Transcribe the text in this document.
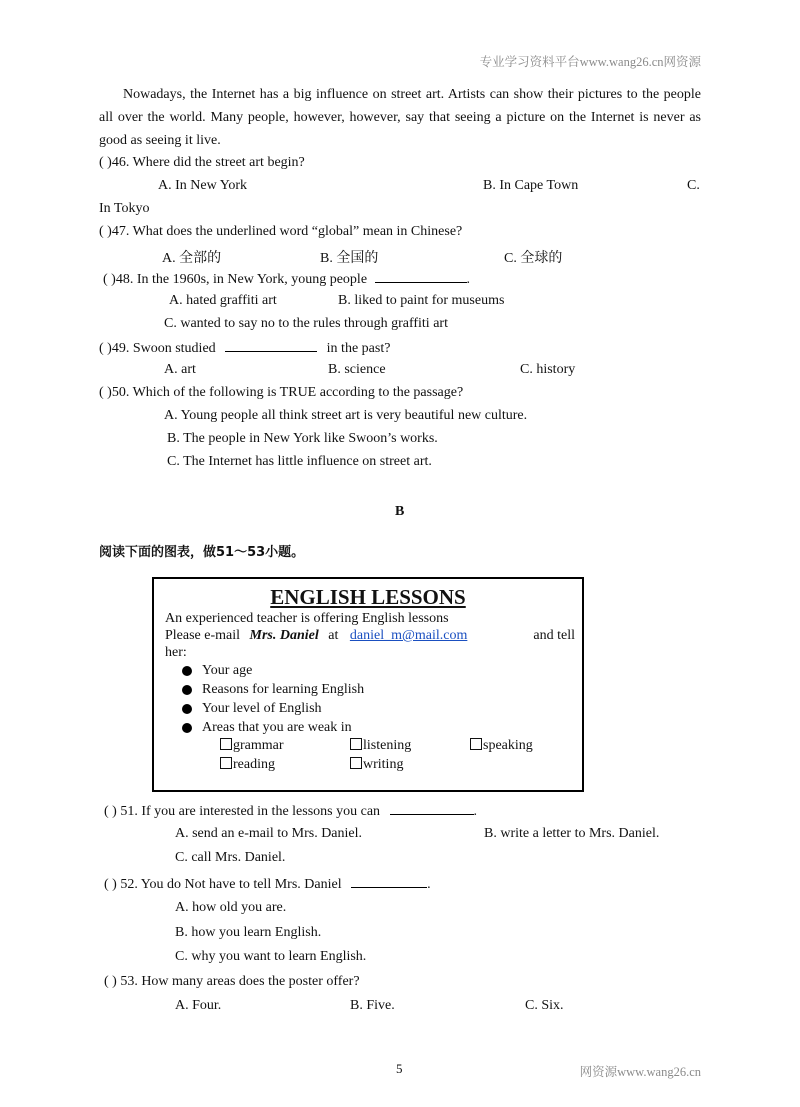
专业学习资料平台www.wang26.cn网资源

Nowadays, the Internet has a big influence on street art. Artists can show their pictures to the people all over the world. Many people, however, however, say that seeing a picture on the Internet is never as good as seeing it live.

( )46. Where did the street art begin?
A. In New York	B. In Cape Town	C.
In Tokyo
( )47. What does the underlined word “global” mean in Chinese?
A. 全部的	B. 全国的	C. 全球的
( )48. In the 1960s, in New York, young people	.
A. hated graffiti art	B. liked to paint for museums
C. wanted to say no to the rules through graffiti art
( )49. Swoon studied	in the past?
A. art	B. science	C. history
( )50. Which of the following is TRUE according to the passage?
A. Young people all think street art is very beautiful new culture.
B. The people in New York like Swoon’s works.
C. The Internet has little influence on street art.
B
阅读下面的图表，做51～53小题。
ENGLISH LESSONS
An experienced teacher is offering English lessons
Please e-mail Mrs. Daniel at daniel_m@mail.com	and tell
her:
Your age
Reasons for learning English
Your level of English
Areas that you are weak in
grammar	listening	speaking
reading	writing
( ) 51. If you are interested in the lessons you can	.
A. send an e-mail to Mrs. Daniel.	B. write a letter to Mrs. Daniel.
C. call Mrs. Daniel.
( ) 52. You do Not have to tell Mrs. Daniel	.
A. how old you are.
B. how you learn English.
C. why you want to learn English.
( ) 53. How many areas does the poster offer?
A. Four.	B. Five.	C. Six.
5	网资源www.wang26.cn
